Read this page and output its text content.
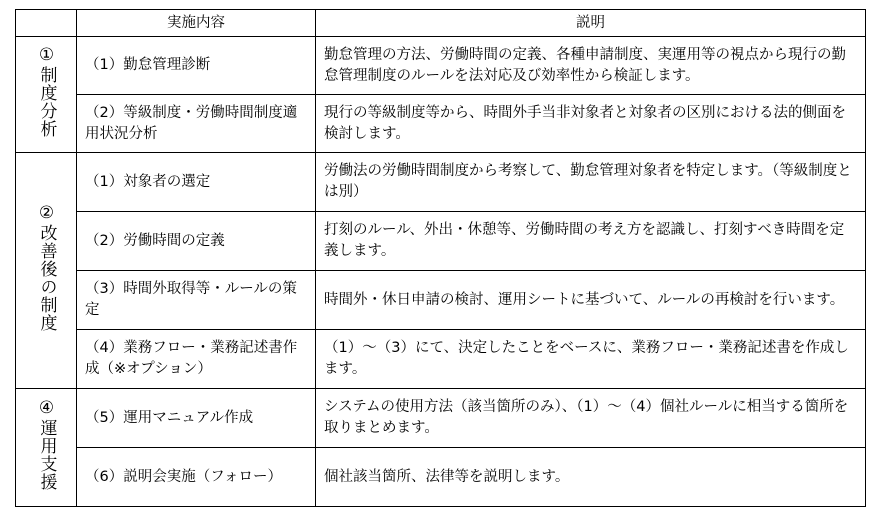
	実施内容	説明
①制度分析	（1）勤怠管理診断	勤怠管理の方法、労働時間の定義、各種申請制度、実運用等の視点から現行の勤怠管理制度のルールを法対応及び効率性から検証します。
	（2）等級制度・労働時間制度適用状況分析	現行の等級制度等から、時間外手当非対象者と対象者の区別における法的側面を検討します。
②改善後の制度	（1）対象者の選定	労働法の労働時間制度から考察して、勤怠管理対象者を特定します。（等級制度とは別）
	（2）労働時間の定義	打刻のルール、外出・休憩等、労働時間の考え方を認識し、打刻すべき時間を定義します。
	（3）時間外取得等・ルールの策定	時間外・休日申請の検討、運用シートに基づいて、ルールの再検討を行います。
	（4）業務フロー・業務記述書作成（※オプション）	（1）～（3）にて、決定したことをベースに、業務フロー・業務記述書を作成します。
④運用支援	（5）運用マニュアル作成	システムの使用方法（該当箇所のみ）、（1）～（4）個社ルールに相当する箇所を取りまとめます。
	（6）説明会実施（フォロー）	個社該当箇所、法律等を説明します。
